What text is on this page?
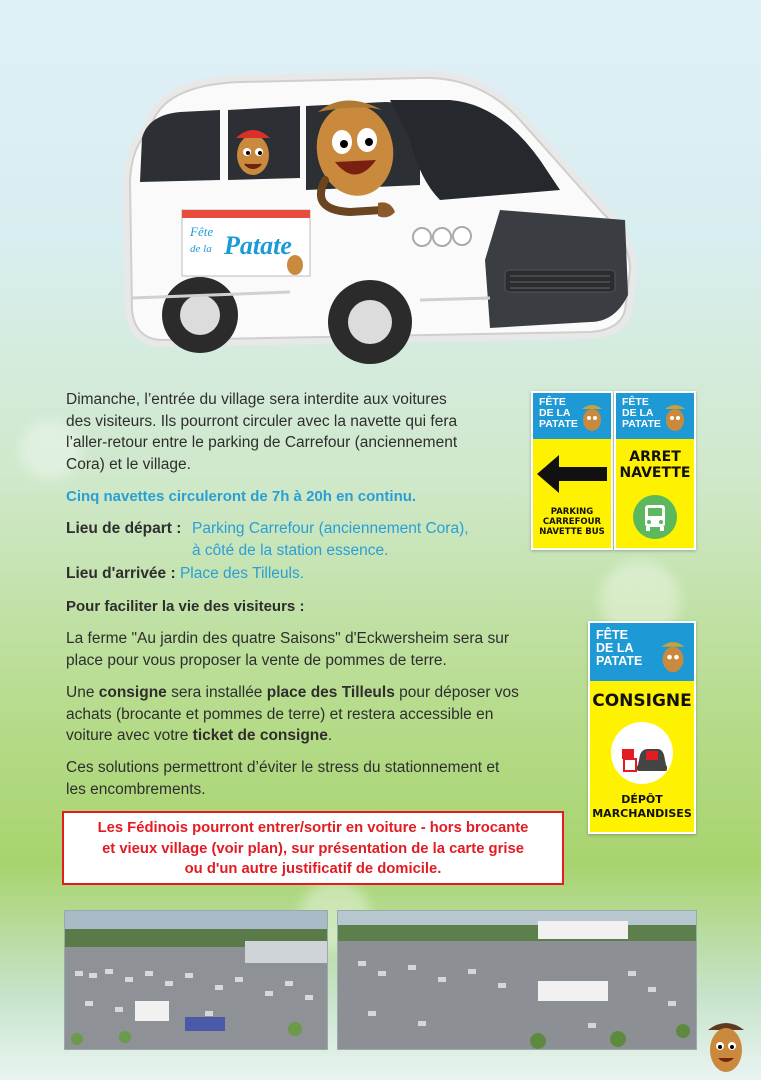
Fête
de la Patate
Dimanche, l’entrée du village sera interdite aux voitures
des visiteurs. Ils pourront circuler avec la navette qui fera
l’aller-retour entre le parking de Carrefour (anciennement
Cora) et le village.
Cinq navettes circuleront de 7h à 20h en continu.
Lieu de départ : Parking Carrefour (anciennement Cora),
à côté de la station essence.
Lieu d'arrivée : Place des Tilleuls.
Pour faciliter la vie des visiteurs :
La ferme "Au jardin des quatre Saisons" d'Eckwersheim sera sur
place pour vous proposer la vente de pommes de terre.
Une consigne sera installée place des Tilleuls pour déposer vos
achats (brocante et pommes de terre) et restera accessible en
voiture avec votre ticket de consigne.
Ces solutions permettront d’éviter le stress du stationnement et
les encombrements.
Les Fédinois pourront entrer/sortir en voiture - hors brocante
et vieux village (voir plan), sur présentation de la carte grise
ou d'un autre justificatif de domicile.
FÊTE
DE LA
PATATE
PARKING
CARREFOUR
NAVETTE BUS
FÊTE
DE LA
PATATE
ARRET
NAVETTE
FÊTE
DE LA
PATATE
CONSIGNE
DÉPÔT
MARCHANDISES
